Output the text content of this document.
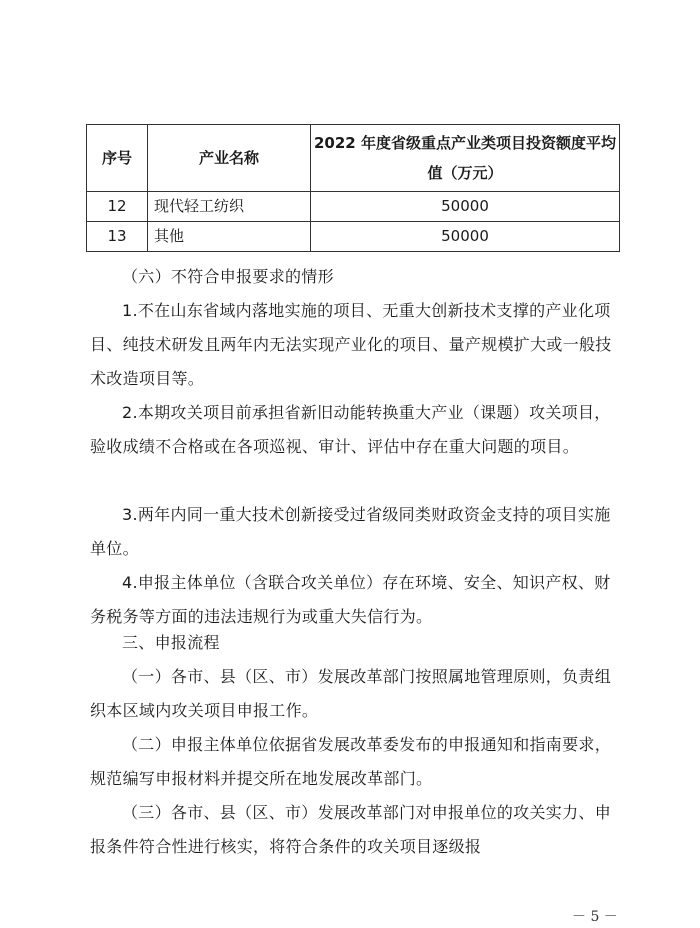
序号	产业名称	2022 年度省级重点产业类项目投资额度平均值（万元）
12	现代轻工纺织	50000
13	其他	50000

（六）不符合申报要求的情形

1.不在山东省域内落地实施的项目、无重大创新技术支撑的产业化项目、纯技术研发且两年内无法实现产业化的项目、量产规模扩大或一般技术改造项目等。

2.本期攻关项目前承担省新旧动能转换重大产业（课题）攻关项目，验收成绩不合格或在各项巡视、审计、评估中存在重大问题的项目。

3.两年内同一重大技术创新接受过省级同类财政资金支持的项目实施单位。

4.申报主体单位（含联合攻关单位）存在环境、安全、知识产权、财务税务等方面的违法违规行为或重大失信行为。

三、申报流程

（一）各市、县（区、市）发展改革部门按照属地管理原则，负责组织本区域内攻关项目申报工作。

（二）申报主体单位依据省发展改革委发布的申报通知和指南要求，规范编写申报材料并提交所在地发展改革部门。

（三）各市、县（区、市）发展改革部门对申报单位的攻关实力、申报条件符合性进行核实，将符合条件的攻关项目逐级报

－ 5 －
